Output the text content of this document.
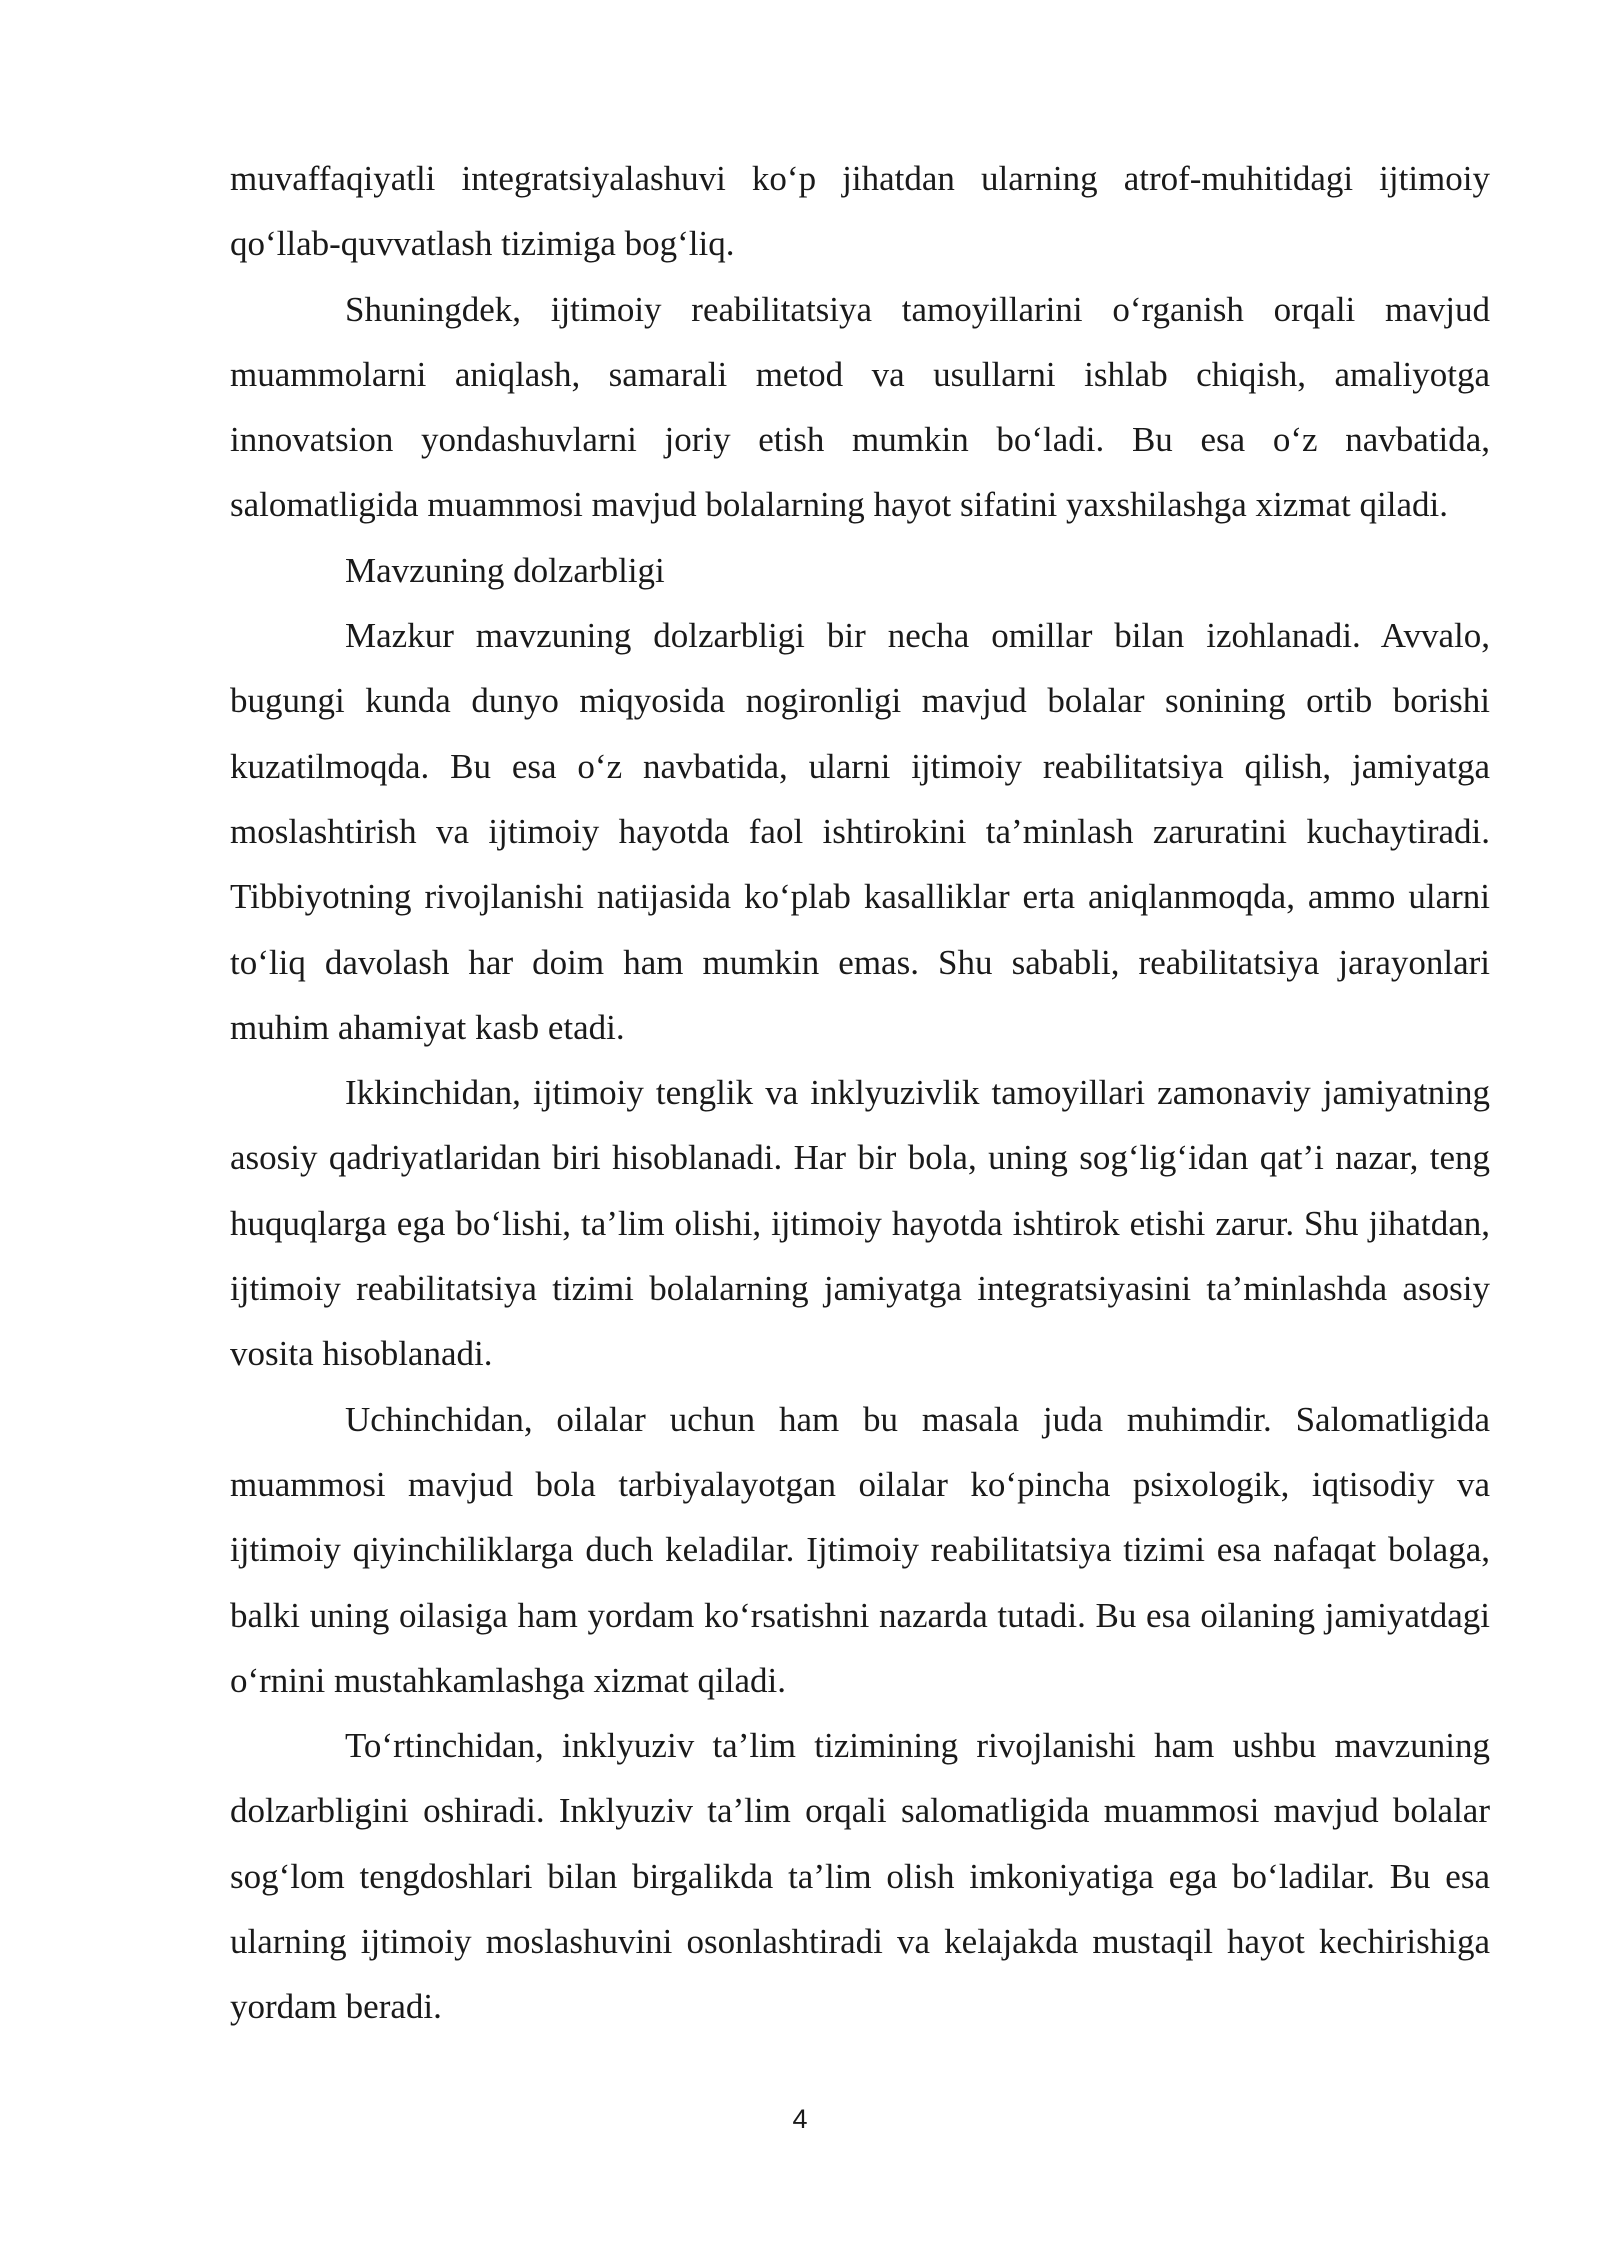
muvaffaqiyatli integratsiyalashuvi ko‘p jihatdan ularning atrof-muhitidagi ijtimoiy qo‘llab-quvvatlash tizimiga bog‘liq.

Shuningdek, ijtimoiy reabilitatsiya tamoyillarini o‘rganish orqali mavjud muammolarni aniqlash, samarali metod va usullarni ishlab chiqish, amaliyotga innovatsion yondashuvlarni joriy etish mumkin bo‘ladi. Bu esa o‘z navbatida, salomatligida muammosi mavjud bolalarning hayot sifatini yaxshilashga xizmat qiladi.

Mavzuning dolzarbligi

Mazkur mavzuning dolzarbligi bir necha omillar bilan izohlanadi. Avvalo, bugungi kunda dunyo miqyosida nogironligi mavjud bolalar sonining ortib borishi kuzatilmoqda. Bu esa o‘z navbatida, ularni ijtimoiy reabilitatsiya qilish, jamiyatga moslashtirish va ijtimoiy hayotda faol ishtirokini ta’minlash zaruratini kuchaytiradi. Tibbiyotning rivojlanishi natijasida ko‘plab kasalliklar erta aniqlanmoqda, ammo ularni to‘liq davolash har doim ham mumkin emas. Shu sababli, reabilitatsiya jarayonlari muhim ahamiyat kasb etadi.

Ikkinchidan, ijtimoiy tenglik va inklyuzivlik tamoyillari zamonaviy jamiyatning asosiy qadriyatlaridan biri hisoblanadi. Har bir bola, uning sog‘lig‘idan qat’i nazar, teng huquqlarga ega bo‘lishi, ta’lim olishi, ijtimoiy hayotda ishtirok etishi zarur. Shu jihatdan, ijtimoiy reabilitatsiya tizimi bolalarning jamiyatga integratsiyasini ta’minlashda asosiy vosita hisoblanadi.

Uchinchidan, oilalar uchun ham bu masala juda muhimdir. Salomatligida muammosi mavjud bola tarbiyalayotgan oilalar ko‘pincha psixologik, iqtisodiy va ijtimoiy qiyinchiliklarga duch keladilar. Ijtimoiy reabilitatsiya tizimi esa nafaqat bolaga, balki uning oilasiga ham yordam ko‘rsatishni nazarda tutadi. Bu esa oilaning jamiyatdagi o‘rnini mustahkamlashga xizmat qiladi.

To‘rtinchidan, inklyuziv ta’lim tizimining rivojlanishi ham ushbu mavzuning dolzarbligini oshiradi. Inklyuziv ta’lim orqali salomatligida muammosi mavjud bolalar sog‘lom tengdoshlari bilan birgalikda ta’lim olish imkoniyatiga ega bo‘ladilar. Bu esa ularning ijtimoiy moslashuvini osonlashtiradi va kelajakda mustaqil hayot kechirishiga yordam beradi.

4
